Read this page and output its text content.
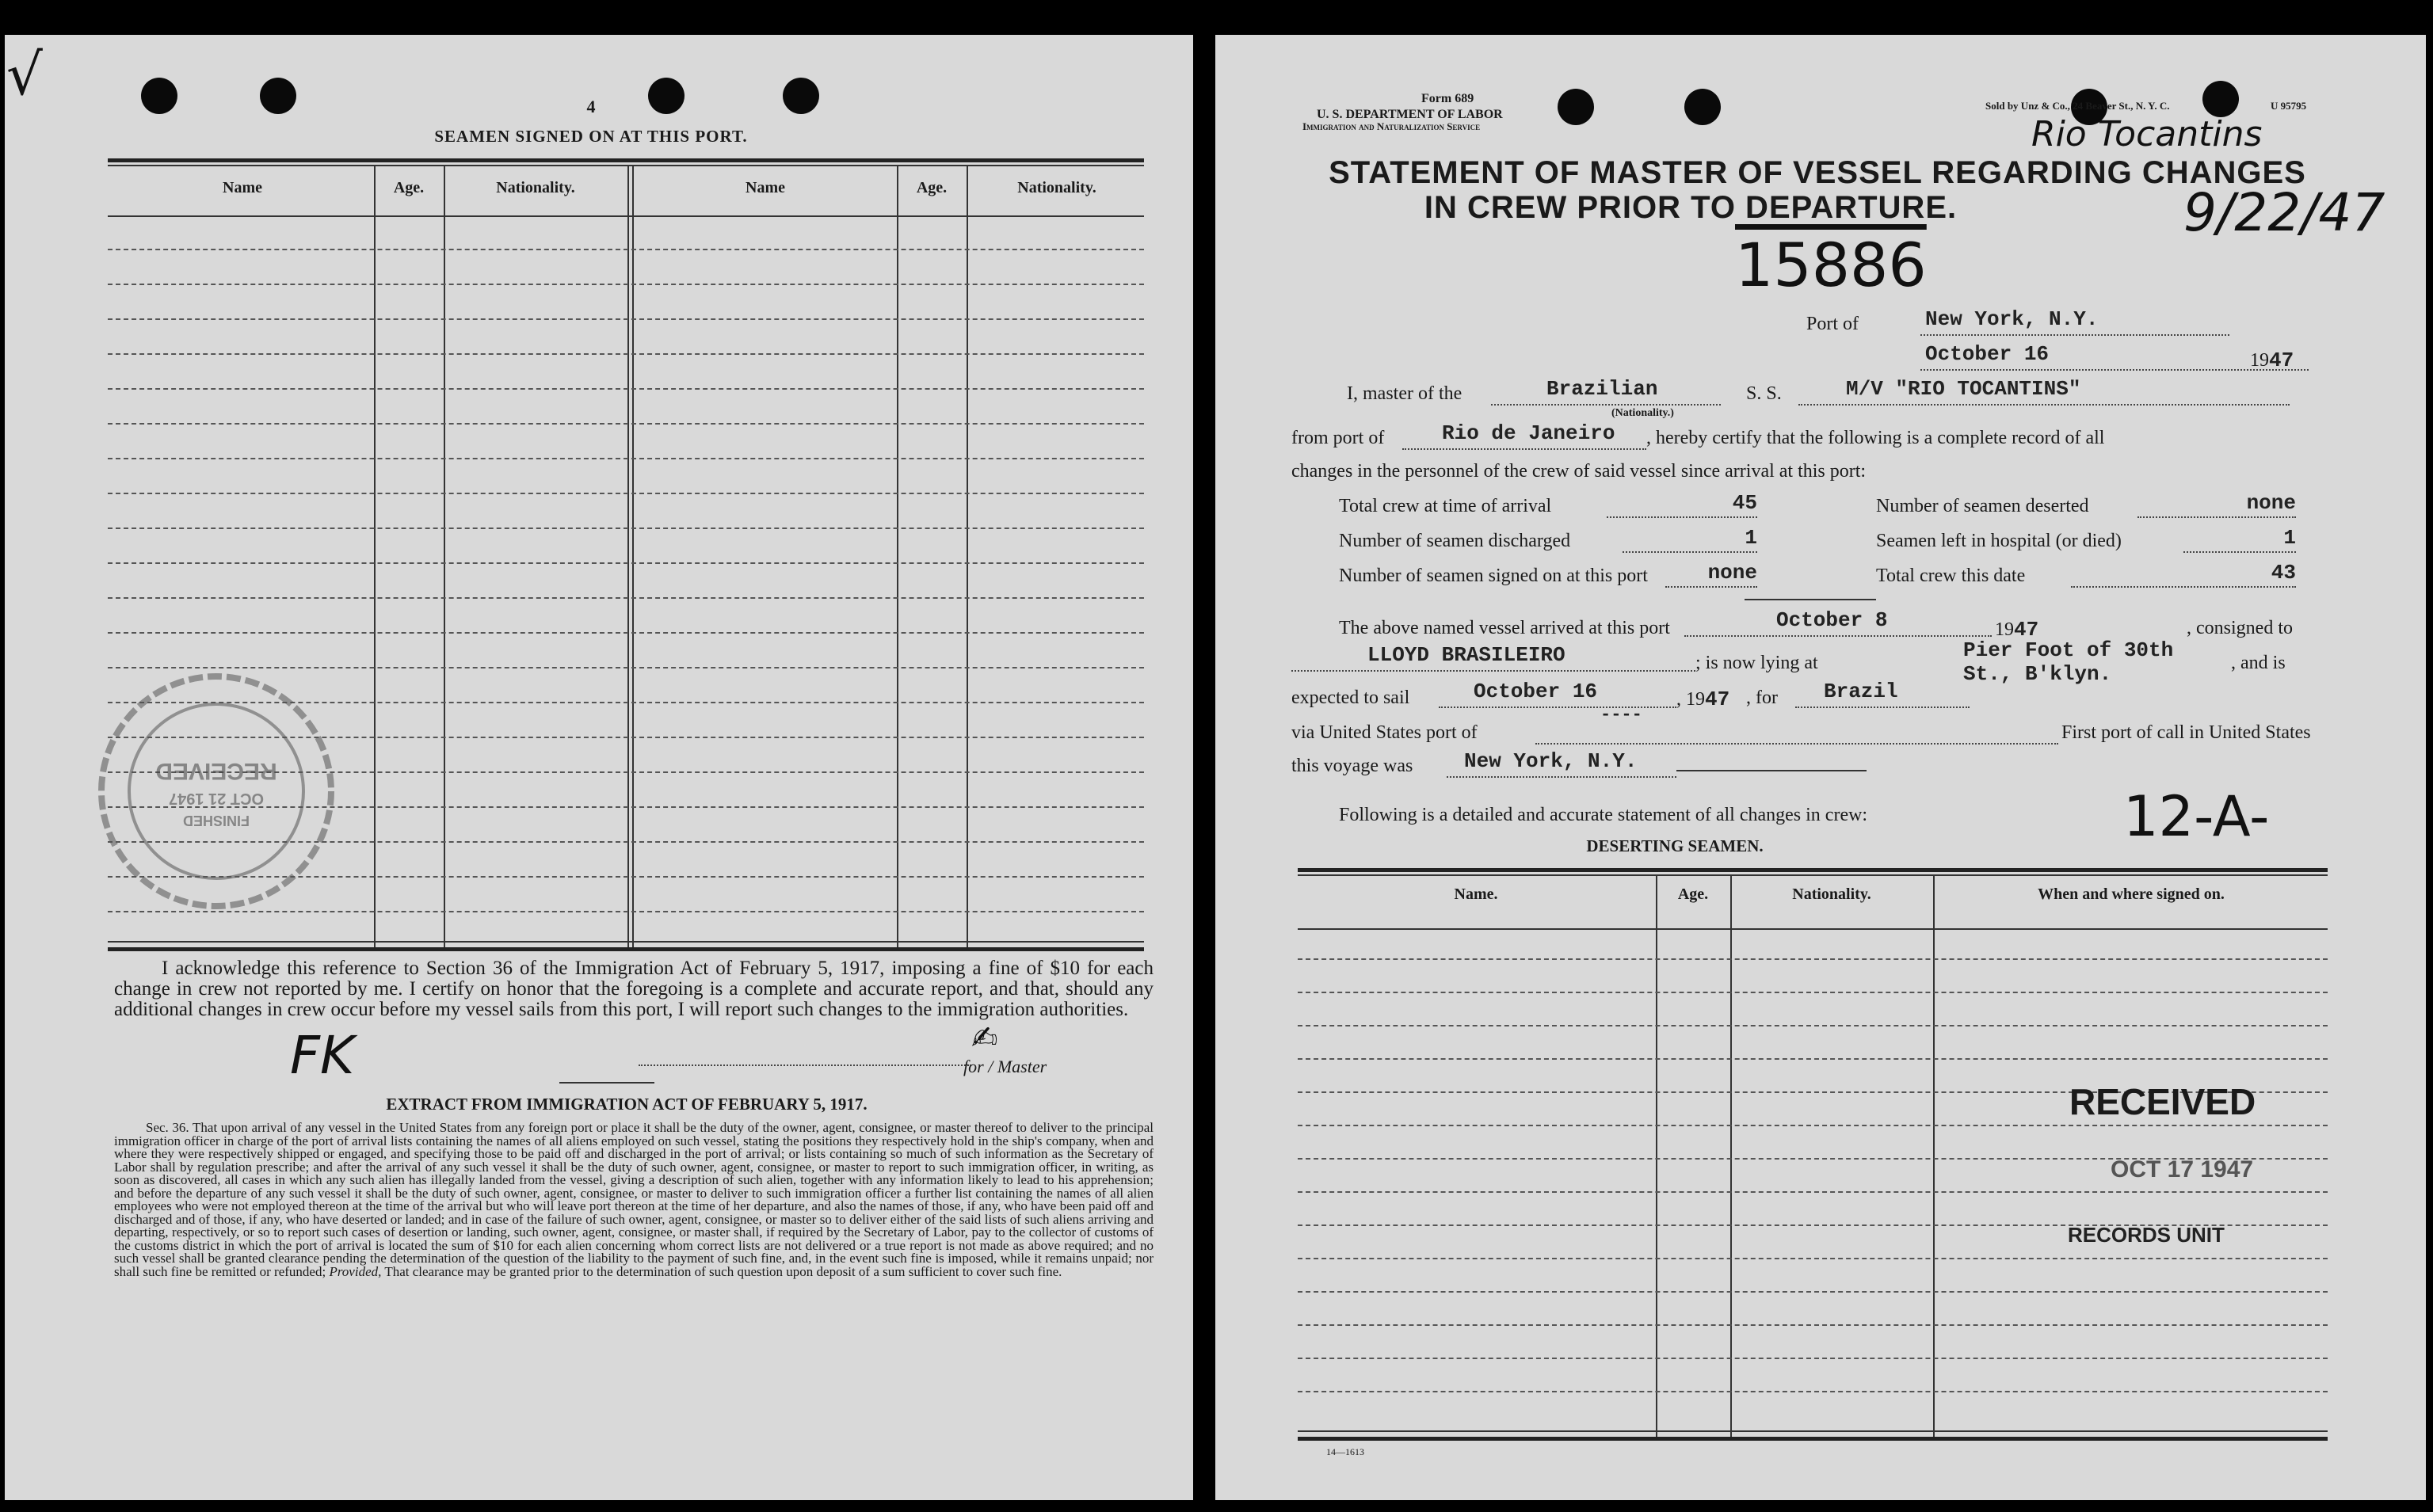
√	4
SEAMEN SIGNED ON AT THIS PORT.
Name	Age.	Nationality.	Name	Age.	Nationality.
FINISHED
OCT 21 1947
RECEIVED
I acknowledge this reference to Section 36 of the Immigration Act of February 5, 1917, imposing a fine of $10 for each change in crew not reported by me. I certify on honor that the foregoing is a complete and accurate report, and that, should any additional changes in crew occur before my vessel sails from this port, I will report such changes to the immigration authorities.
FK	✍
for / Master
EXTRACT FROM IMMIGRATION ACT OF FEBRUARY 5, 1917.
Sec. 36. That upon arrival of any vessel in the United States from any foreign port or place it shall be the duty of the owner, agent, consignee, or master thereof to deliver to the principal immigration officer in charge of the port of arrival lists containing the names of all aliens employed on such vessel, stating the positions they respectively hold in the ship's company, when and where they were respectively shipped or engaged, and specifying those to be paid off and discharged in the port of arrival; or lists containing so much of such information as the Secretary of Labor shall by regulation prescribe; and after the arrival of any such vessel it shall be the duty of such owner, agent, consignee, or master to report to such immigration officer, in writing, as soon as discovered, all cases in which any such alien has illegally landed from the vessel, giving a description of such alien, together with any information likely to lead to his apprehension; and before the departure of any such vessel it shall be the duty of such owner, agent, consignee, or master to deliver to such immigration officer a further list containing the names of all alien employees who were not employed thereon at the time of the arrival but who will leave port thereon at the time of her departure, and also the names of those, if any, who have been paid off and discharged and of those, if any, who have deserted or landed; and in case of the failure of such owner, agent, consignee, or master so to deliver either of the said lists of such aliens arriving and departing, respectively, or so to report such cases of desertion or landing, such owner, agent, consignee, or master shall, if required by the Secretary of Labor, pay to the collector of customs of the customs district in which the port of arrival is located the sum of $10 for each alien concerning whom correct lists are not delivered or a true report is not made as above required; and no such vessel shall be granted clearance pending the determination of the question of the liability to the payment of such fine, and, in the event such fine is imposed, while it remains unpaid; nor shall such fine be remitted or refunded; Provided, That clearance may be granted prior to the determination of such question upon deposit of a sum sufficient to cover such fine.
Form 689
U. S. DEPARTMENT OF LABOR
Immigration and Naturalization Service
Sold by Unz & Co., 24 Beaver St., N. Y. C.	U 95795
Rio Tocantins
STATEMENT OF MASTER OF VESSEL REGARDING CHANGES
IN CREW PRIOR TO DEPARTURE.	9/22/47
15886
Port of	New York, N.Y.
October 16	1947
I, master of the	Brazilian
(Nationality.)
S. S.	M/V "RIO TOCANTINS"
from port of	Rio de Janeiro	, hereby certify that the following is a complete record of all
changes in the personnel of the crew of said vessel since arrival at this port:
Total crew at time of arrival	45	Number of seamen deserted	none
Number of seamen discharged	1	Seamen left in hospital (or died)	1
Number of seamen signed on at this port	none	Total crew this date	43
The above named vessel arrived at this port	October 8	1947	, consigned to
LLOYD BRASILEIRO	; is now lying at
Pier Foot of 30th St., B'klyn.	, and is
expected to sail	October 16	, 1947 , for	Brazil
----
via United States port of	First port of call in United States
this voyage was	New York, N.Y.
Following is a detailed and accurate statement of all changes in crew:	12-A-
DESERTING SEAMEN.
Name.	Age.	Nationality.	When and where signed on.
RECEIVED
OCT 17 1947
RECORDS UNIT
14—1613
